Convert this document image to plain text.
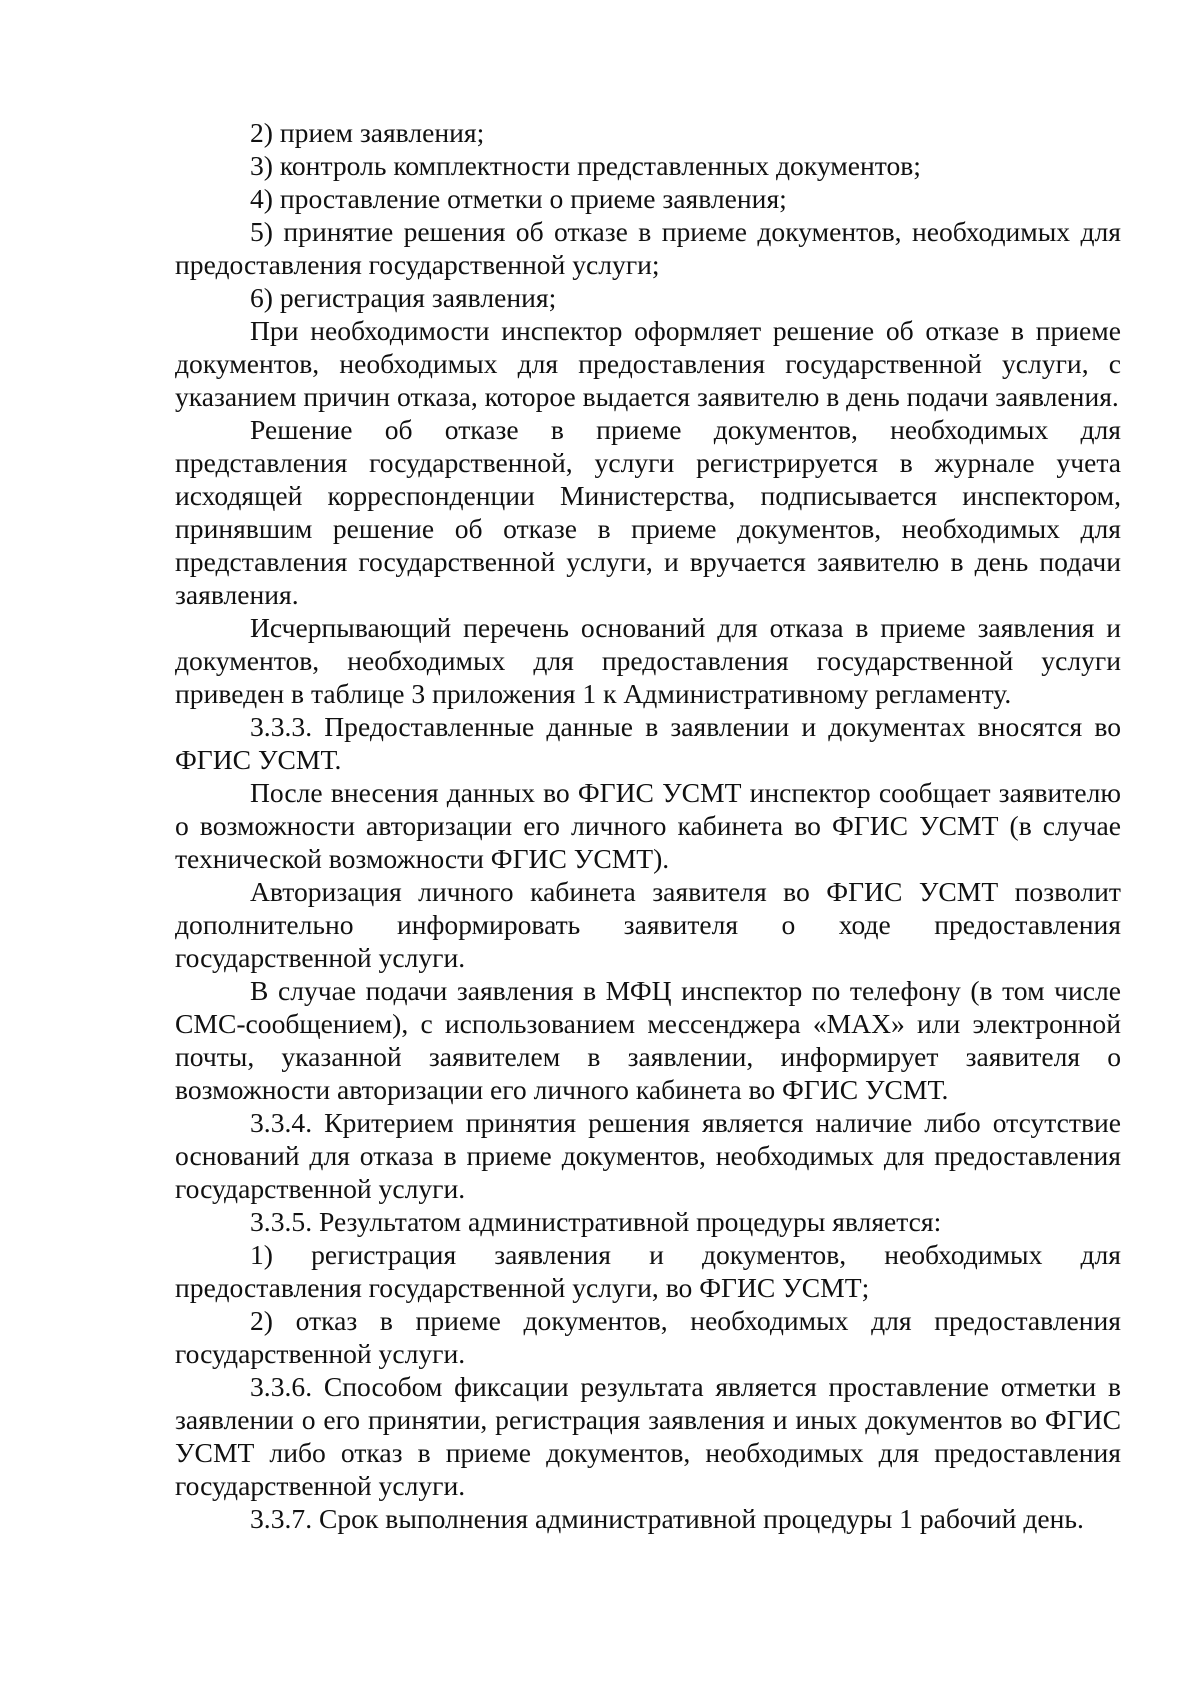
2) прием заявления;

3) контроль комплектности представленных документов;

4) проставление отметки о приеме заявления;

5) принятие решения об отказе в приеме документов, необходимых для предоставления государственной услуги;

6) регистрация заявления;

При необходимости инспектор оформляет решение об отказе в приеме документов, необходимых для предоставления государственной услуги, с указанием причин отказа, которое выдается заявителю в день подачи заявления.

Решение об отказе в приеме документов, необходимых для представления государственной, услуги регистрируется в журнале учета исходящей корреспонденции Министерства, подписывается инспектором, принявшим решение об отказе в приеме документов, необходимых для представления государственной услуги, и вручается заявителю в день подачи заявления.

Исчерпывающий перечень оснований для отказа в приеме заявления и документов, необходимых для предоставления государственной услуги приведен в таблице 3 приложения 1 к Административному регламенту.

3.3.3. Предоставленные данные в заявлении и документах вносятся во ФГИС УСМТ.

После внесения данных во ФГИС УСМТ инспектор сообщает заявителю о возможности авторизации его личного кабинета во ФГИС УСМТ (в случае технической возможности ФГИС УСМТ).

Авторизация личного кабинета заявителя во ФГИС УСМТ позволит дополнительно информировать заявителя о ходе предоставления государственной услуги.

В случае подачи заявления в МФЦ инспектор по телефону (в том числе СМС-сообщением), с использованием мессенджера «MAX» или электронной почты, указанной заявителем в заявлении, информирует заявителя о возможности авторизации его личного кабинета во ФГИС УСМТ.

3.3.4. Критерием принятия решения является наличие либо отсутствие оснований для отказа в приеме документов, необходимых для предоставления государственной услуги.

3.3.5. Результатом административной процедуры является:

1) регистрация заявления и документов, необходимых для предоставления государственной услуги, во ФГИС УСМТ;

2) отказ в приеме документов, необходимых для предоставления государственной услуги.

3.3.6. Способом фиксации результата является проставление отметки в заявлении о его принятии, регистрация заявления и иных документов во ФГИС УСМТ либо отказ в приеме документов, необходимых для предоставления государственной услуги.

3.3.7. Срок выполнения административной процедуры 1 рабочий день.
